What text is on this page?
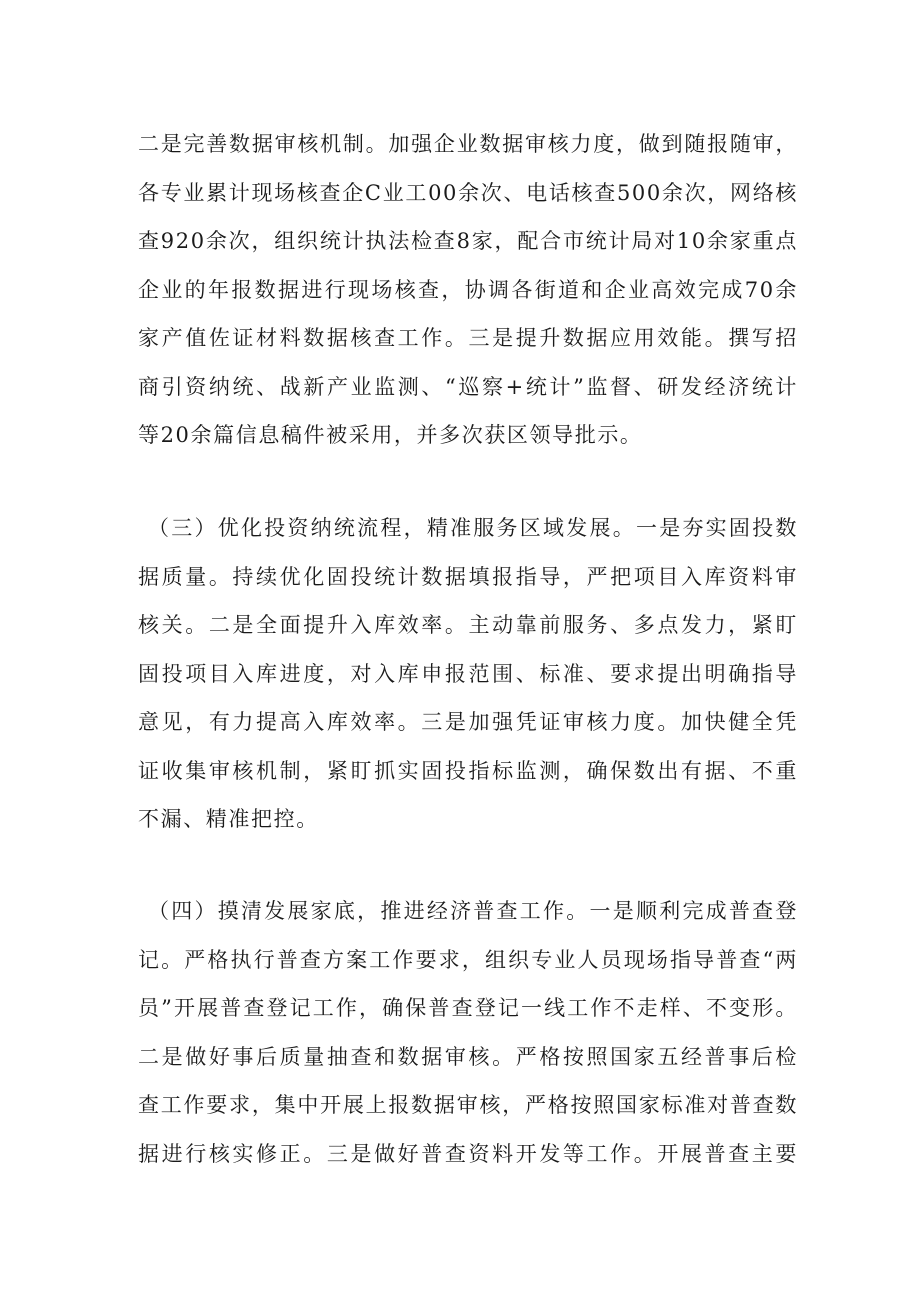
二是完善数据审核机制。加强企业数据审核力度，做到随报随审，
各专业累计现场核查企C业工00余次、电话核查500余次，网络核
查920余次，组织统计执法检查8家，配合市统计局对10余家重点
企业的年报数据进行现场核查，协调各街道和企业高效完成70余
家产值佐证材料数据核查工作。三是提升数据应用效能。撰写招
商引资纳统、战新产业监测、“巡察+统计”监督、研发经济统计
等20余篇信息稿件被采用，并多次获区领导批示。
（三）优化投资纳统流程，精准服务区域发展。一是夯实固投数
据质量。持续优化固投统计数据填报指导，严把项目入库资料审
核关。二是全面提升入库效率。主动靠前服务、多点发力，紧盯
固投项目入库进度，对入库申报范围、标准、要求提出明确指导
意见，有力提高入库效率。三是加强凭证审核力度。加快健全凭
证收集审核机制，紧盯抓实固投指标监测，确保数出有据、不重
不漏、精准把控。
（四）摸清发展家底，推进经济普查工作。一是顺利完成普查登
记。严格执行普查方案工作要求，组织专业人员现场指导普查“两
员”开展普查登记工作，确保普查登记一线工作不走样、不变形。
二是做好事后质量抽查和数据审核。严格按照国家五经普事后检
查工作要求，集中开展上报数据审核，严格按照国家标准对普查数
据进行核实修正。三是做好普查资料开发等工作。开展普查主要
